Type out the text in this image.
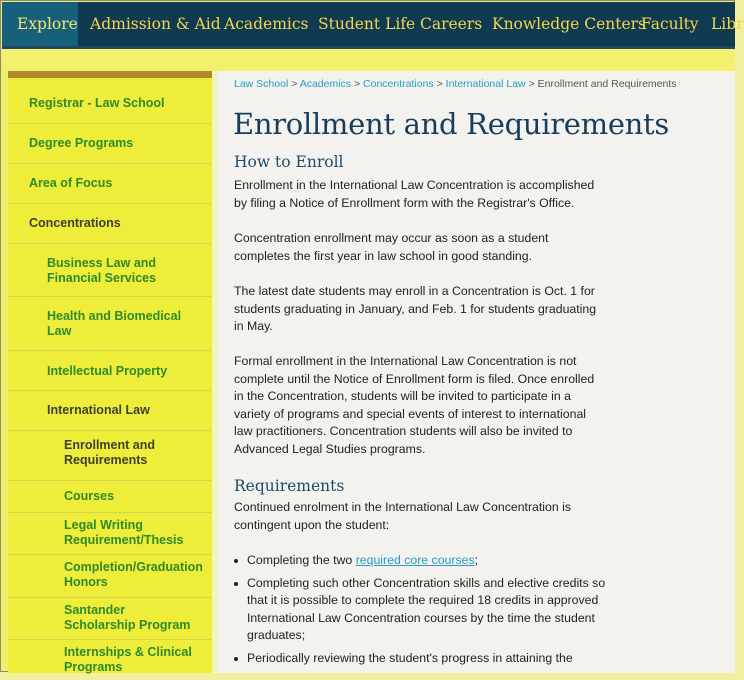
Explore Admission & Aid Academics Student Life Careers Knowledge Centers
Faculty Libr
Registrar - Law School
Degree Programs
Area of Focus
Concentrations
Business Law and Financial Services
Health and Biomedical Law
Intellectual Property
International Law
Enrollment and Requirements
Courses
Legal Writing Requirement/Thesis
Completion/Graduation Honors
Santander Scholarship Program
Internships & Clinical Programs
Law School > Academics > Concentrations > International Law > Enrollment and Requirements
Enrollment and Requirements
How to Enroll

Enrollment in the International Law Concentration is accomplished by filing a Notice of Enrollment form with the Registrar's Office.

Concentration enrollment may occur as soon as a student completes the first year in law school in good standing.

The latest date students may enroll in a Concentration is Oct. 1 for students graduating in January, and Feb. 1 for students graduating in May.

Formal enrollment in the International Law Concentration is not complete until the Notice of Enrollment form is filed. Once enrolled in the Concentration, students will be invited to participate in a variety of programs and special events of interest to international law practitioners. Concentration students will also be invited to Advanced Legal Studies programs.

Requirements

Continued enrolment in the International Law Concentration is contingent upon the student:

Completing the two required core courses;
Completing such other Concentration skills and elective credits so that it is possible to complete the required 18 credits in approved International Law Concentration courses by the time the student graduates;
Periodically reviewing the student's progress in attaining the
